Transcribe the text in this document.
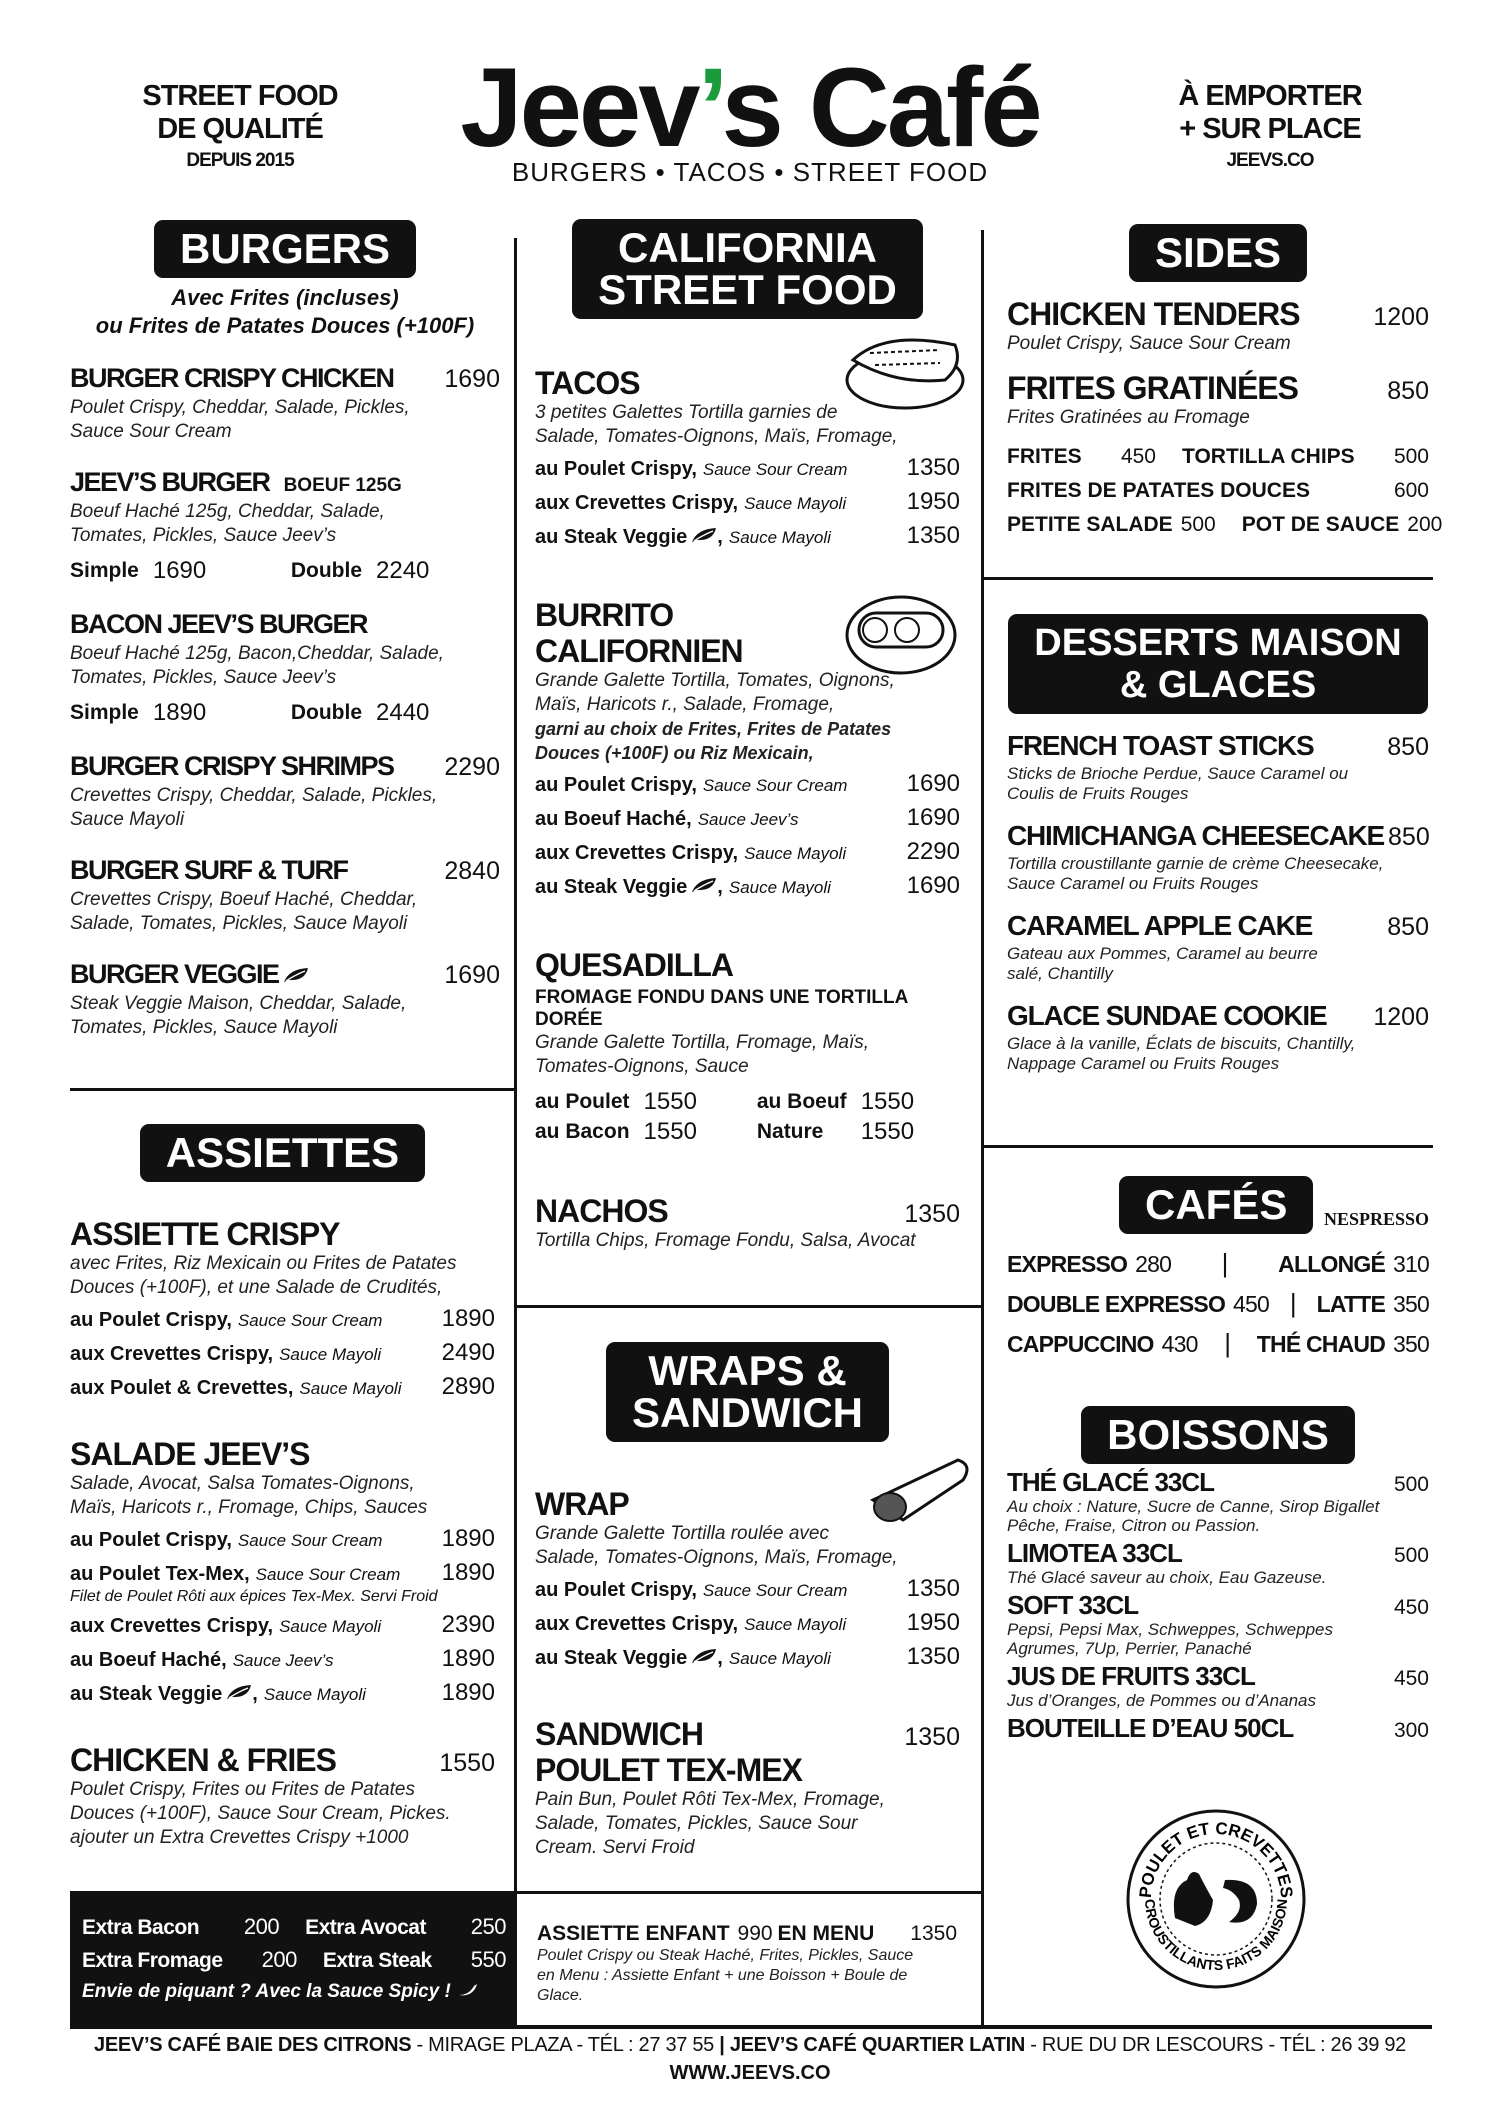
STREET FOOD
DE QUALITÉ
DEPUIS 2015	Jeev’s Café
BURGERS • TACOS • STREET FOOD
À EMPORTER
+ SUR PLACE
JEEVS.CO
BURGERS
Avec Frites (incluses)
ou Frites de Patates Douces (+100F)
BURGER CRISPY CHICKEN 1690
Poulet Crispy, Cheddar, Salade, Pickles,
Sauce Sour Cream
JEEV’S BURGER BOEUF 125G
Boeuf Haché 125g, Cheddar, Salade,
Tomates, Pickles, Sauce Jeev’s
Simple 1690	Double 2240
BACON JEEV’S BURGER
Boeuf Haché 125g, Bacon,Cheddar, Salade,
Tomates, Pickles, Sauce Jeev’s
Simple 1890	Double 2440
BURGER CRISPY SHRIMPS 2290
Crevettes Crispy, Cheddar, Salade, Pickles,
Sauce Mayoli
BURGER SURF & TURF	2840
Crevettes Crispy, Boeuf Haché, Cheddar,
Salade, Tomates, Pickles, Sauce Mayoli
BURGER VEGGIE	1690
Steak Veggie Maison, Cheddar, Salade,
Tomates, Pickles, Sauce Mayoli
ASSIETTES
ASSIETTE CRISPY
avec Frites, Riz Mexicain ou Frites de Patates
Douces (+100F), et une Salade de Crudités,
au Poulet Crispy, Sauce Sour Cream 1890
aux Crevettes Crispy, Sauce Mayoli	2490
aux Poulet & Crevettes, Sauce Mayoli 2890
SALADE JEEV’S
Salade, Avocat, Salsa Tomates-Oignons,
Maïs, Haricots r., Fromage, Chips, Sauces
au Poulet Crispy, Sauce Sour Cream 1890
au Poulet Tex-Mex, Sauce Sour Cream 1890
Filet de Poulet Rôti aux épices Tex-Mex. Servi Froid
aux Crevettes Crispy, Sauce Mayoli	2390
au Boeuf Haché, Sauce Jeev’s	1890
au Steak Veggie , Sauce Mayoli	1890
CHICKEN & FRIES	1550
Poulet Crispy, Frites ou Frites de Patates
Douces (+100F), Sauce Sour Cream, Pickes.
ajouter un Extra Crevettes Crispy +1000
Extra Bacon	200 Extra Avocat	250
Extra Fromage	200 Extra Steak	550
Envie de piquant ? Avec la Sauce Spicy !
CALIFORNIA
STREET FOOD
TACOS
3 petites Galettes Tortilla garnies de
Salade, Tomates-Oignons, Maïs, Fromage,
au Poulet Crispy, Sauce Sour Cream 1350
aux Crevettes Crispy, Sauce Mayoli	1950
au Steak Veggie , Sauce Mayoli	1350
BURRITO
CALIFORNIEN
Grande Galette Tortilla, Tomates, Oignons,
Maïs, Haricots r., Salade, Fromage,
garni au choix de Frites, Frites de Patates
Douces (+100F) ou Riz Mexicain,
au Poulet Crispy, Sauce Sour Cream 1690
au Boeuf Haché, Sauce Jeev’s	1690
aux Crevettes Crispy, Sauce Mayoli	2290
au Steak Veggie , Sauce Mayoli	1690
QUESADILLA
FROMAGE FONDU DANS UNE TORTILLA DORÉE
Grande Galette Tortilla, Fromage, Maïs,
Tomates-Oignons, Sauce
au Poulet 1550	au Boeuf 1550
au Bacon 1550	Nature	1550
NACHOS	1350
Tortilla Chips, Fromage Fondu, Salsa, Avocat
WRAPS &
SANDWICH
WRAP
Grande Galette Tortilla roulée avec
Salade, Tomates-Oignons, Maïs, Fromage,
au Poulet Crispy, Sauce Sour Cream 1350
aux Crevettes Crispy, Sauce Mayoli	1950
au Steak Veggie , Sauce Mayoli	1350
SANDWICH
POULET TEX-MEX
1350
Pain Bun, Poulet Rôti Tex-Mex, Fromage,
Salade, Tomates, Pickles, Sauce Sour
Cream. Servi Froid
ASSIETTE ENFANT 990 EN MENU 1350
Poulet Crispy ou Steak Haché, Frites, Pickles, Sauce
en Menu : Assiette Enfant + une Boisson + Boule de Glace.
SIDES
CHICKEN TENDERS	1200
Poulet Crispy, Sauce Sour Cream
FRITES GRATINÉES	850
Frites Gratinées au Fromage
FRITES	450 TORTILLA CHIPS	500
FRITES DE PATATES DOUCES	600
PETITE SALADE 500 POT DE SAUCE 200
DESSERTS MAISON
& GLACES
FRENCH TOAST STICKS	850
Sticks de Brioche Perdue, Sauce Caramel ou
Coulis de Fruits Rouges
CHIMICHANGA CHEESECAKE 850
Tortilla croustillante garnie de crème Cheesecake,
Sauce Caramel ou Fruits Rouges
CARAMEL APPLE CAKE	850
Gateau aux Pommes, Caramel au beurre
salé, Chantilly
GLACE SUNDAE COOKIE 1200
Glace à la vanille, Éclats de biscuits, Chantilly,
Nappage Caramel ou Fruits Rouges
CAFÉS NESPRESSO
EXPRESSO 280 | ALLONGÉ 310
DOUBLE EXPRESSO 450 | LATTE 350
CAPPUCCINO 430 | THÉ CHAUD 350
BOISSONS
THÉ GLACÉ 33CL	500
Au choix : Nature, Sucre de Canne, Sirop Bigallet
Pêche, Fraise, Citron ou Passion.
LIMOTEA 33CL	500
Thé Glacé saveur au choix, Eau Gazeuse.
SOFT 33CL	450
Pepsi, Pepsi Max, Schweppes, Schweppes
Agrumes, 7Up, Perrier, Panaché
JUS DE FRUITS 33CL	450
Jus d’Oranges, de Pommes ou d’Ananas
BOUTEILLE D’EAU 50CL	300
POULET ET CREVETTES
CROUSTILLANTS FAITS MAISON
JEEV’S CAFÉ BAIE DES CITRONS - MIRAGE PLAZA - TÉL : 27 37 55 | JEEV’S CAFÉ QUARTIER LATIN - RUE DU DR LESCOURS - TÉL : 26 39 92
WWW.JEEVS.CO
